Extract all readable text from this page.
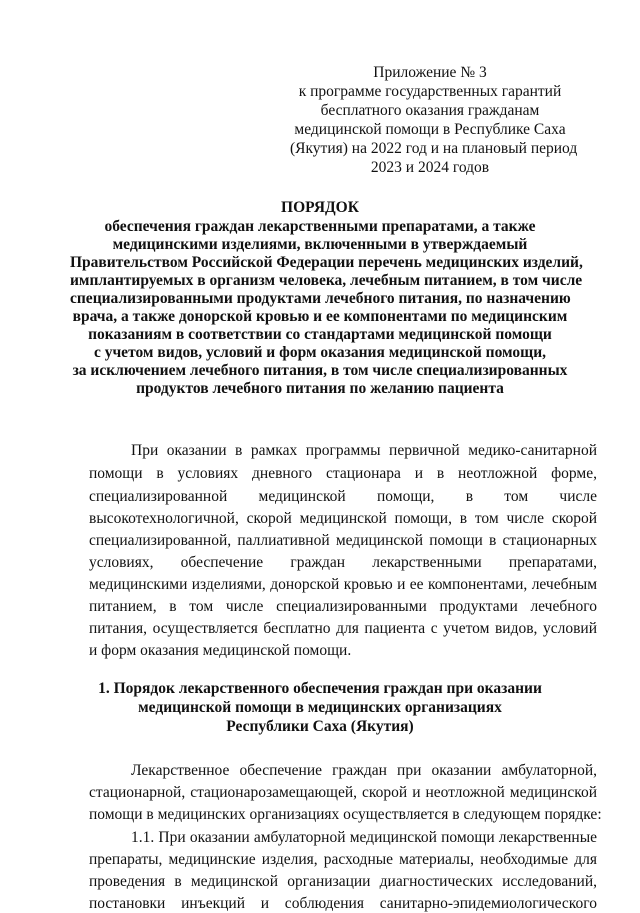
Приложение № 3
к программе государственных гарантий
бесплатного оказания гражданам
медицинской помощи в Республике Саха
(Якутия) на 2022 год и на плановый период
2023 и 2024 годов
ПОРЯДОК
обеспечения граждан лекарственными препаратами, а также
медицинскими изделиями, включенными в утверждаемый
Правительством Российской Федерации перечень медицинских изделий,
имплантируемых в организм человека, лечебным питанием, в том числе
специализированными продуктами лечебного питания, по назначению
врача, а также донорской кровью и ее компонентами по медицинским
показаниям в соответствии со стандартами медицинской помощи
с учетом видов, условий и форм оказания медицинской помощи,
за исключением лечебного питания, в том числе специализированных
продуктов лечебного питания по желанию пациента
При оказании в рамках программы первичной медико-санитарной
помощи в условиях дневного стационара и в неотложной форме,
специализированной медицинской помощи, в том числе
высокотехнологичной, скорой медицинской помощи, в том числе скорой
специализированной, паллиативной медицинской помощи в стационарных
условиях, обеспечение граждан лекарственными препаратами,
медицинскими изделиями, донорской кровью и ее компонентами, лечебным
питанием, в том числе специализированными продуктами лечебного
питания, осуществляется бесплатно для пациента с учетом видов, условий
и форм оказания медицинской помощи.
1. Порядок лекарственного обеспечения граждан при оказании
медицинской помощи в медицинских организациях
Республики Саха (Якутия)
Лекарственное обеспечение граждан при оказании амбулаторной,
стационарной, стационарозамещающей, скорой и неотложной медицинской
помощи в медицинских организациях осуществляется в следующем порядке:
1.1. При оказании амбулаторной медицинской помощи лекарственные
препараты, медицинские изделия, расходные материалы, необходимые для
проведения в медицинской организации диагностических исследований,
постановки инъекций и соблюдения санитарно-эпидемиологического
